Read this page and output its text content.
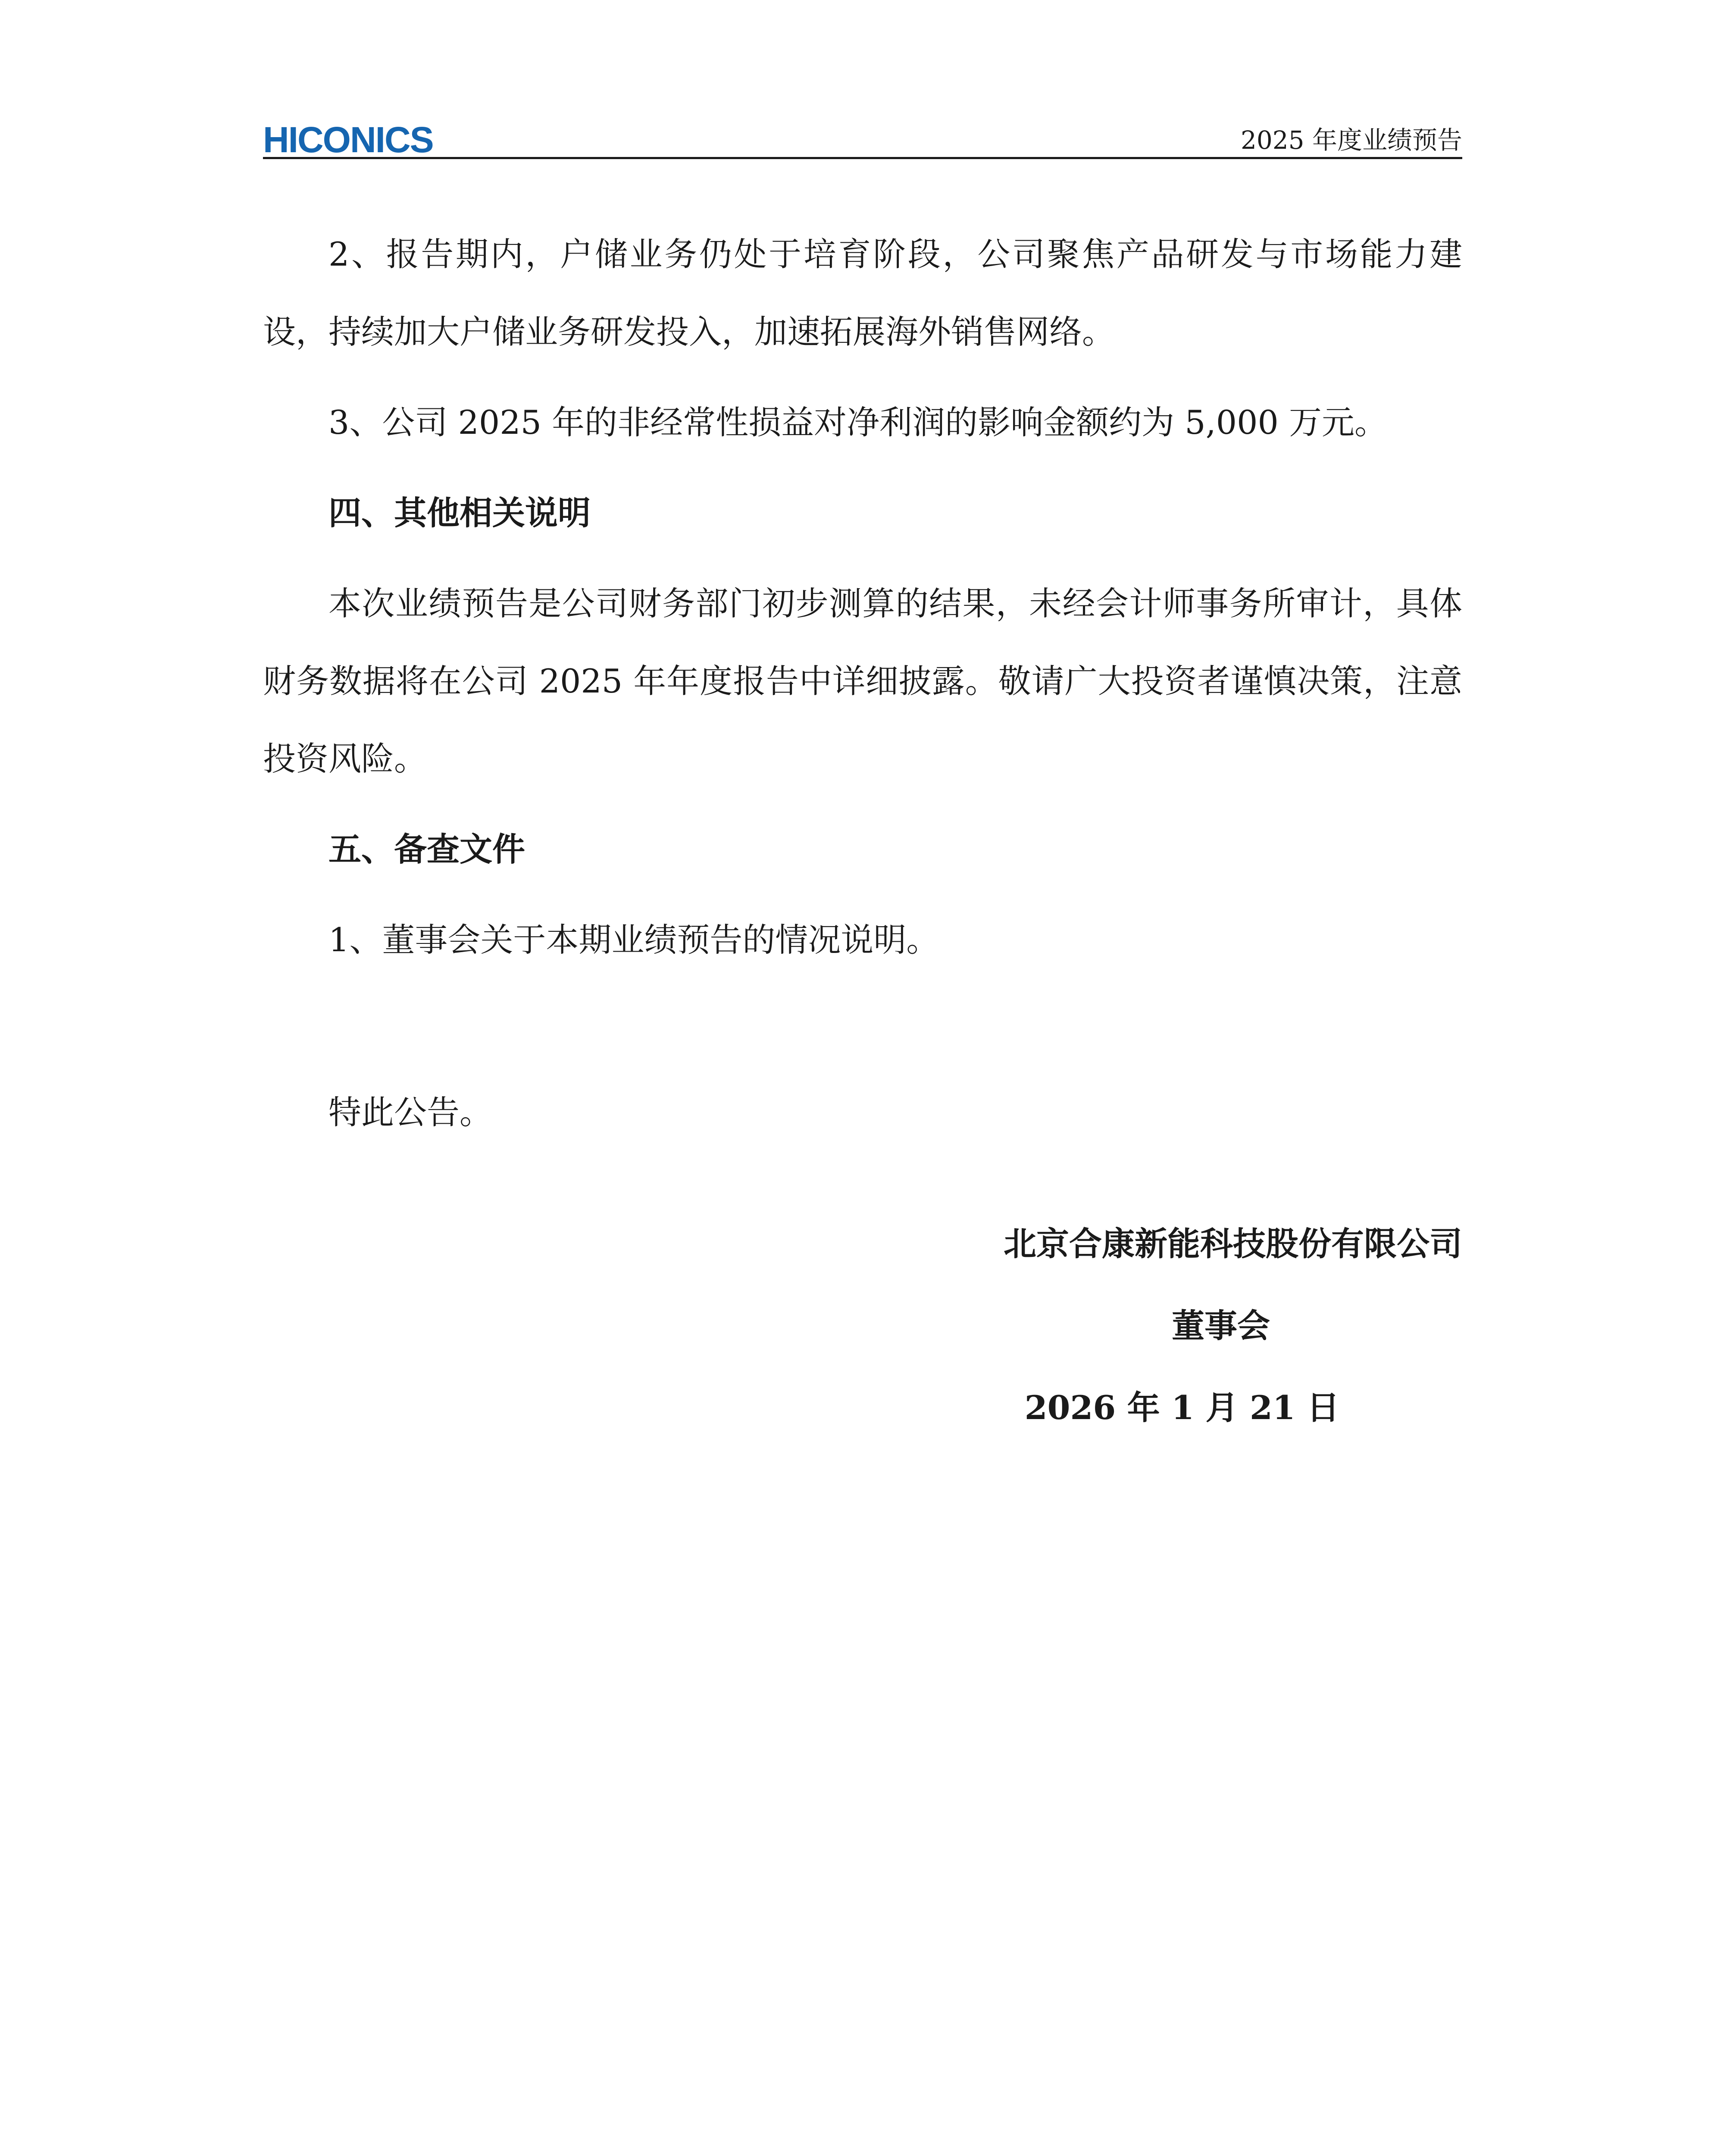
HICONICS	2025 年度业绩预告

2、报告期内，户储业务仍处于培育阶段，公司聚焦产品研发与市场能力建设，持续加大户储业务研发投入，加速拓展海外销售网络。

3、公司 2025 年的非经常性损益对净利润的影响金额约为 5,000 万元。

四、其他相关说明

本次业绩预告是公司财务部门初步测算的结果，未经会计师事务所审计，具体财务数据将在公司 2025 年年度报告中详细披露。敬请广大投资者谨慎决策，注意投资风险。

五、备查文件

1、董事会关于本期业绩预告的情况说明。

特此公告。

北京合康新能科技股份有限公司
董事会
2026 年 1 月 21 日
